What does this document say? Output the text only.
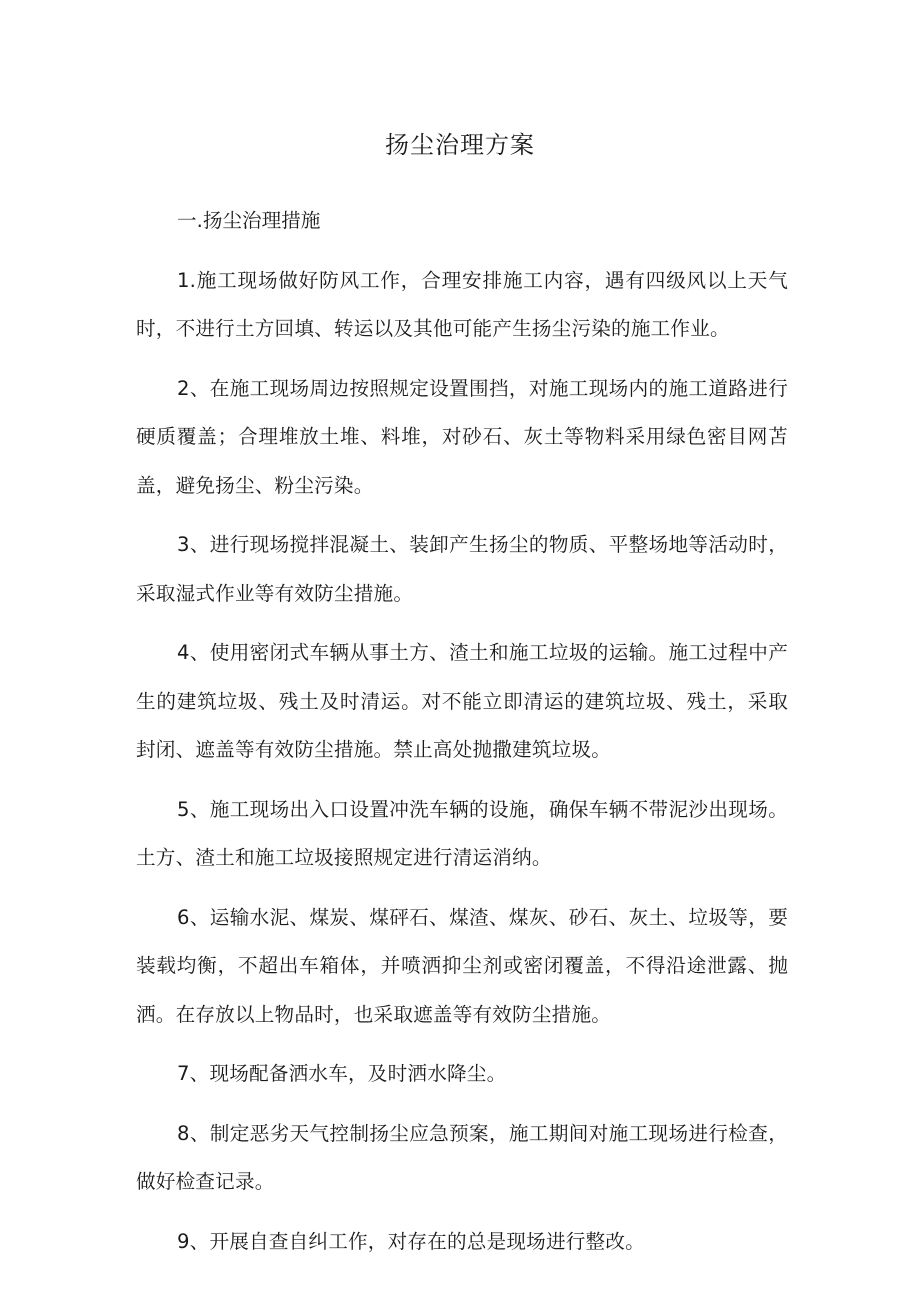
扬尘治理方案

一.扬尘治理措施

1.施工现场做好防风工作，合理安排施工内容，遇有四级风以上天气时，不进行土方回填、转运以及其他可能产生扬尘污染的施工作业。

2、在施工现场周边按照规定设置围挡，对施工现场内的施工道路进行硬质覆盖；合理堆放土堆、料堆，对砂石、灰土等物料采用绿色密目网苫盖，避免扬尘、粉尘污染。

3、进行现场搅拌混凝土、装卸产生扬尘的物质、平整场地等活动时，采取湿式作业等有效防尘措施。

4、使用密闭式车辆从事土方、渣土和施工垃圾的运输。施工过程中产生的建筑垃圾、残土及时清运。对不能立即清运的建筑垃圾、残土，采取封闭、遮盖等有效防尘措施。禁止高处抛撒建筑垃圾。

5、施工现场出入口设置冲洗车辆的设施，确保车辆不带泥沙出现场。土方、渣土和施工垃圾接照规定进行清运消纳。

6、运输水泥、煤炭、煤砰石、煤渣、煤灰、砂石、灰土、垃圾等，要装载均衡，不超出车箱体，并喷洒抑尘剂或密闭覆盖，不得沿途泄露、抛洒。在存放以上物品时，也采取遮盖等有效防尘措施。

7、现场配备洒水车，及时洒水降尘。

8、制定恶劣天气控制扬尘应急预案，施工期间对施工现场进行检查，做好检查记录。

9、开展自查自纠工作，对存在的总是现场进行整改。
